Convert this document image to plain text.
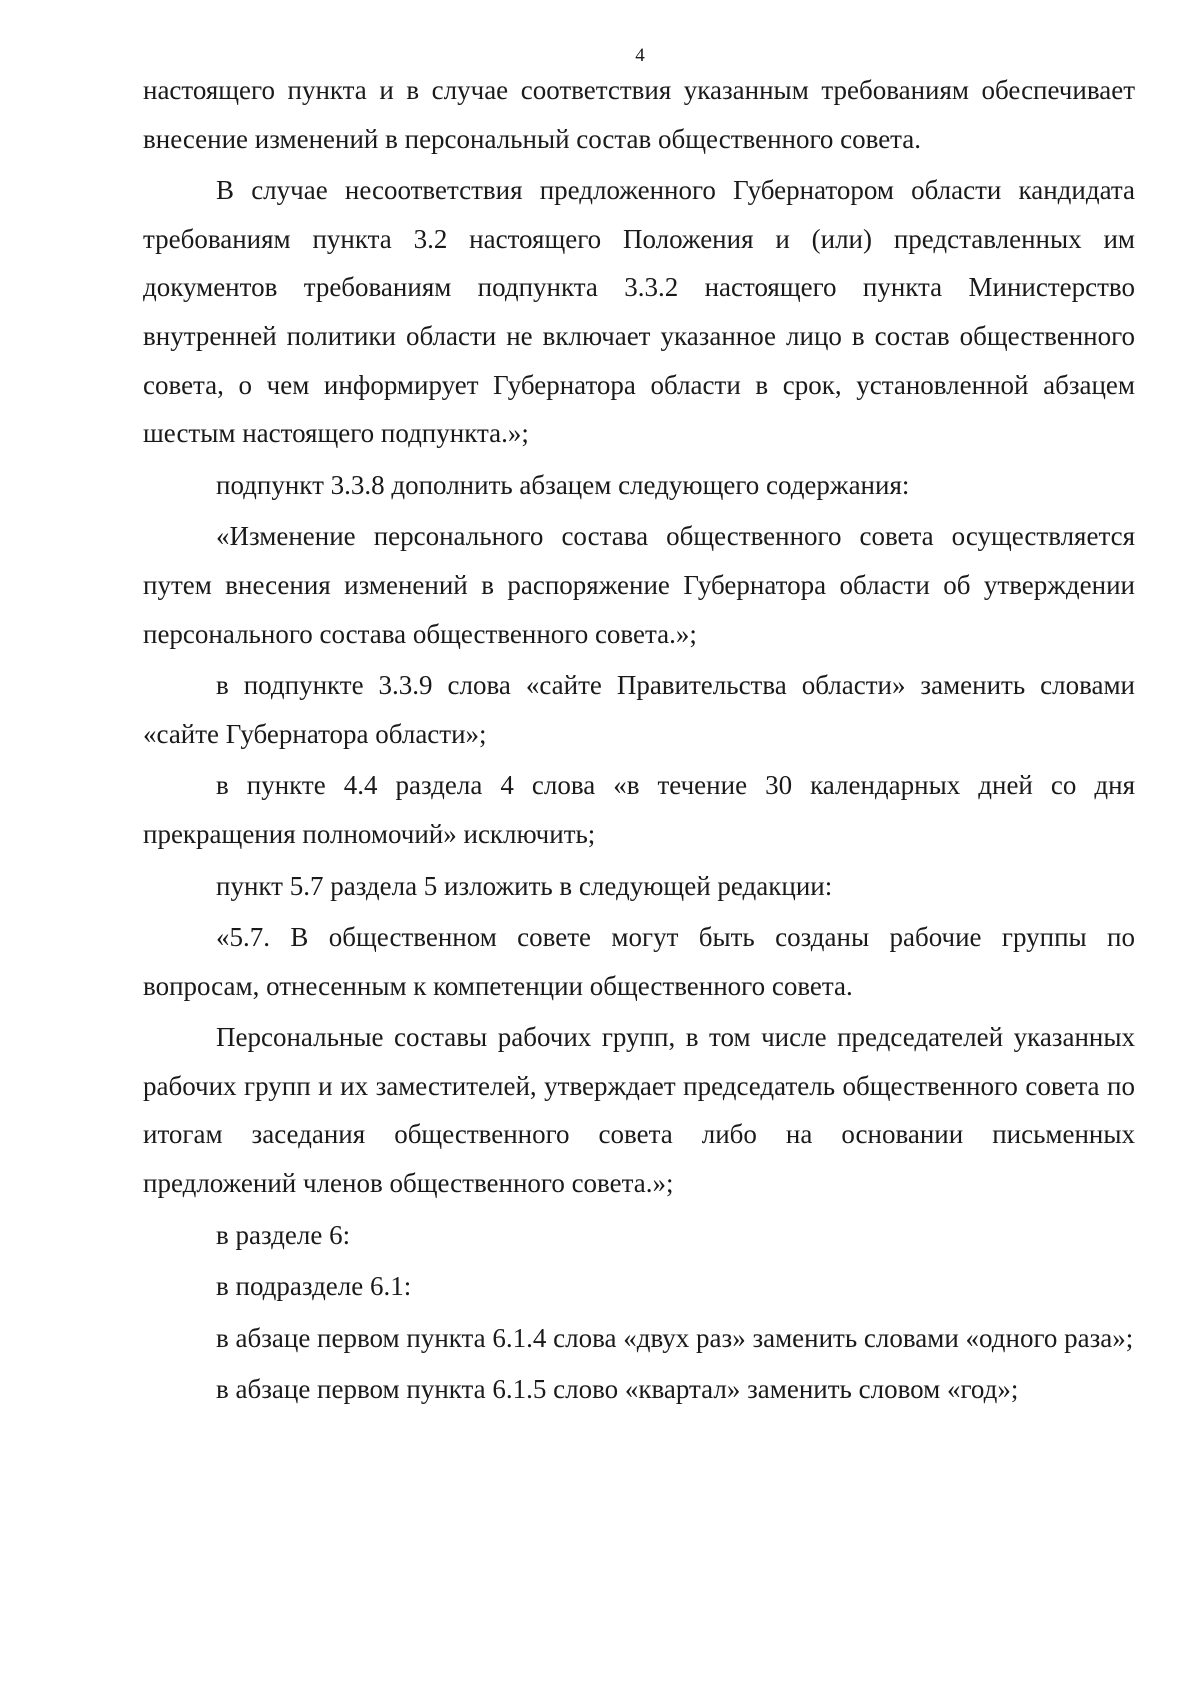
4

настоящего пункта и в случае соответствия указанным требованиям обеспечивает внесение изменений в персональный состав общественного совета.

В случае несоответствия предложенного Губернатором области кандидата требованиям пункта 3.2 настоящего Положения и (или) представленных им документов требованиям подпункта 3.3.2 настоящего пункта Министерство внутренней политики области не включает указанное лицо в состав общественного совета, о чем информирует Губернатора области в срок, установленной абзацем шестым настоящего подпункта.»;

подпункт 3.3.8 дополнить абзацем следующего содержания:

«Изменение персонального состава общественного совета осуществляется путем внесения изменений в распоряжение Губернатора области об утверждении персонального состава общественного совета.»;

в подпункте 3.3.9 слова «сайте Правительства области» заменить словами «сайте Губернатора области»;

в пункте 4.4 раздела 4 слова «в течение 30 календарных дней со дня прекращения полномочий» исключить;

пункт 5.7 раздела 5 изложить в следующей редакции:

«5.7. В общественном совете могут быть созданы рабочие группы по вопросам, отнесенным к компетенции общественного совета.

Персональные составы рабочих групп, в том числе председателей указанных рабочих групп и их заместителей, утверждает председатель общественного совета по итогам заседания общественного совета либо на основании письменных предложений членов общественного совета.»;

в разделе 6:

в подразделе 6.1:

в абзаце первом пункта 6.1.4 слова «двух раз» заменить словами «одного раза»;

в абзаце первом пункта 6.1.5 слово «квартал» заменить словом «год»;
